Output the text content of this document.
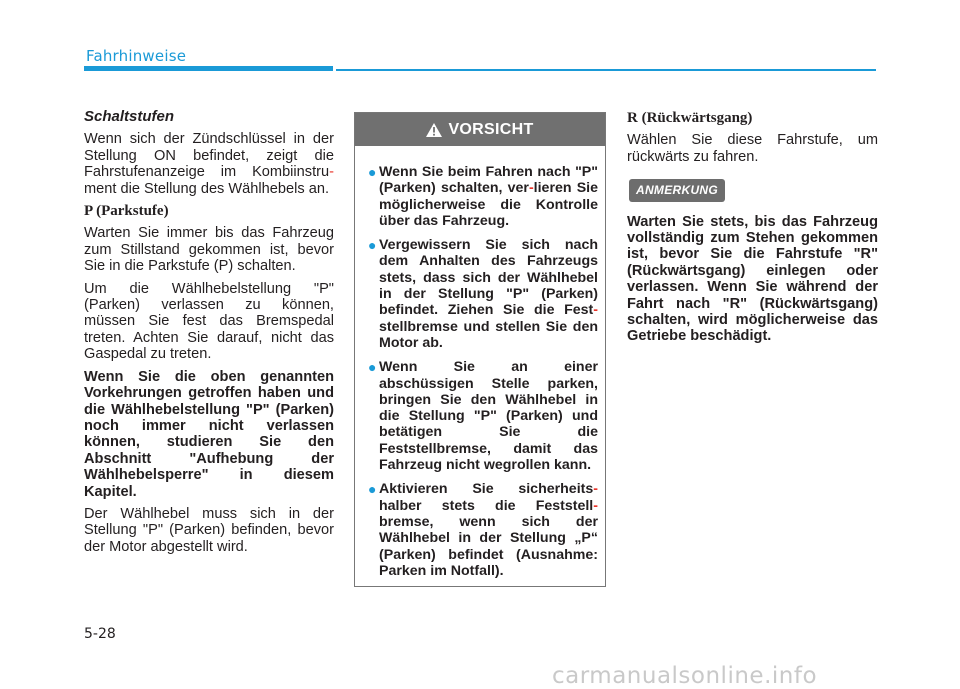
Fahrhinweise

Schaltstufen

Wenn sich der Zündschlüssel in der Stellung ON befindet, zeigt die Fahrstufenanzeige im Kombiinstru-ment die Stellung des Wählhebels an.

P (Parkstufe)

Warten Sie immer bis das Fahrzeug zum Stillstand gekommen ist, bevor Sie in die Parkstufe (P) schalten.

Um die Wählhebelstellung "P" (Parken) verlassen zu können, müssen Sie fest das Bremspedal treten. Achten Sie darauf, nicht das Gaspedal zu treten.

Wenn Sie die oben genannten Vorkehrungen getroffen haben und die Wählhebelstellung "P" (Parken) noch immer nicht verlassen können, studieren Sie den Abschnitt "Aufhebung der Wählhebelsperre" in diesem Kapitel.

Der Wählhebel muss sich in der Stellung "P" (Parken) befinden, bevor der Motor abgestellt wird.

VORSICHT
● Wenn Sie beim Fahren nach "P" (Parken) schalten, ver-lieren Sie möglicherweise die Kontrolle über das Fahrzeug.
● Vergewissern Sie sich nach dem Anhalten des Fahrzeugs stets, dass sich der Wählhebel in der Stellung "P" (Parken) befindet. Ziehen Sie die Fest-stellbremse und stellen Sie den Motor ab.
● Wenn Sie an einer abschüssigen Stelle parken, bringen Sie den Wählhebel in die Stellung "P" (Parken) und betätigen Sie die Feststellbremse, damit das Fahrzeug nicht wegrollen kann.
● Aktivieren Sie sicherheits-halber stets die Feststell-bremse, wenn sich der Wählhebel in der Stellung „P“ (Parken) befindet (Ausnahme: Parken im Notfall).

R (Rückwärtsgang)

Wählen Sie diese Fahrstufe, um rückwärts zu fahren.

ANMERKUNG

Warten Sie stets, bis das Fahrzeug vollständig zum Stehen gekommen ist, bevor Sie die Fahrstufe "R" (Rückwärtsgang) einlegen oder verlassen. Wenn Sie während der Fahrt nach "R" (Rückwärtsgang) schalten, wird möglicherweise das Getriebe beschädigt.

5-28
carmanualsonline.info
